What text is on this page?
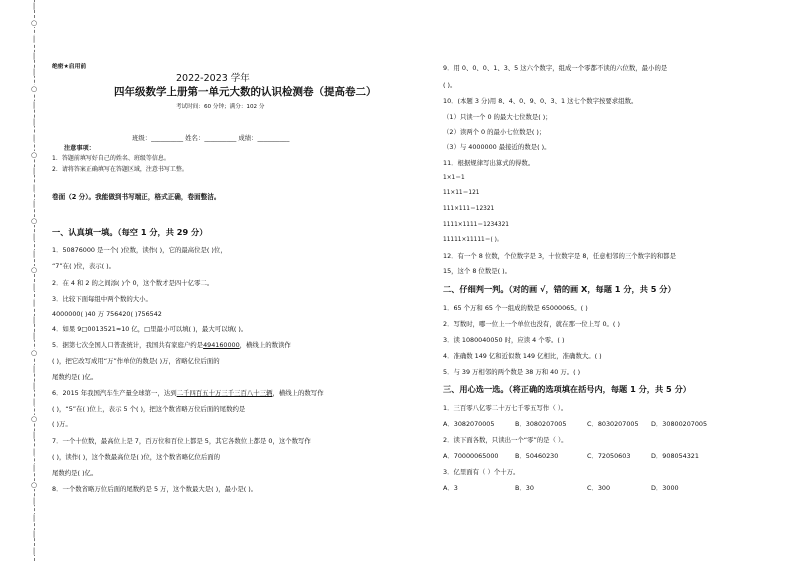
|
○
|
|
|
○
|
|
|
○
|
|
|
○
|
|
○
|
|
|
|
○
|
|
|
○
|
|
|
○
|
|
|
|
绝密★启用前
2022-2023 学年
四年级数学上册第一单元大数的认识检测卷（提高卷二）
考试时间：60 分钟；满分：102 分
班级：__________ 姓名：__________ 成绩：__________
注意事项：
1．答题前填写好自己的姓名、班级等信息。
2．请将答案正确填写在答题区域，注意书写工整。
卷面（2 分）。我能做到书写端正，格式正确，卷面整洁。
一、认真填一填。（每空 1 分，共 29 分）
1．50876000 是一个( )位数，读作( )，它的最高位是( )位，
“7”在( )位，表示( )。
2．在 4 和 2 的之间添( )个 0，这个数才是四十亿零二。
3．比较下面每组中两个数的大小。
4000000( )40 万 756420( )756542
4．如果 9□0013521≈10 亿，□里最小可以填( )，最大可以填( )。
5．据第七次全国人口普查统计，我国共有家庭户约是494160000，横线上的数读作
( )，把它改写成用“万”作单位的数是( )万，省略亿位后面的
尾数约是( )亿。
6．2015 年我国汽车生产量全球第一，达到二千四百五十万三千三百八十三辆，横线上的数写作
( )，“5”在( )位上，表示 5 个( )，把这个数省略万位后面的尾数约是
( )万。
7．一个十位数，最高位上是 7，百万位和百位上都是 5，其它各数位上都是 0，这个数写作
( )，读作( )，这个数最高位是( )位，这个数省略亿位后面的
尾数约是( )亿。
8．一个数省略万位后面的尾数约是 5 万，这个数最大是( )，最小是( )。
9．用 0、0、0、1、3、5 这六个数字，组成一个零都不读的六位数，最小的是
( )。
10．(本题 3 分)用 8、4、0、9、0、3、1 这七个数字按要求组数。
（1）只读一个 0 的最大七位数是( )；
（2）读两个 0 的最小七位数是( )；
（3）与 4000000 最接近的数是( )。
11．根据规律写出算式的得数。
1×1＝1
11×11＝121
111×111＝12321
1111×1111＝1234321
11111×11111＝( )。
12．有一个 8 位数，个位数字是 3，十位数字是 8，任意相邻的三个数字的和都是
15，这个 8 位数是( )。
二、仔细判一判。（对的画 √，错的画 X，每题 1 分，共 5 分）
1．65 个万和 65 个一组成的数是 65000065。( )
2．写数时，哪一位上一个单位也没有，就在那一位上写 0。( )
3．读 1080040050 时，应读 4 个零。( )
4．准确数 149 亿和近似数 149 亿相比，准确数大。( )
5．与 39 万相邻的两个数是 38 万和 40 万。( )
三、用心选一选。（将正确的选项填在括号内，每题 1 分，共 5 分）
1．三百零八亿零二十万七千零五写作（ ）。
A．30820700​05	B．308020​7005	C．8030207005 D．30800207005
2．读下面各数，只读出一个“零”的是（ ）。
A．70000065000	B．50460230	C．72050603	D．908054321
3．亿里面有（ ）个十万。
A．3	B．30	C．300	D．3000
